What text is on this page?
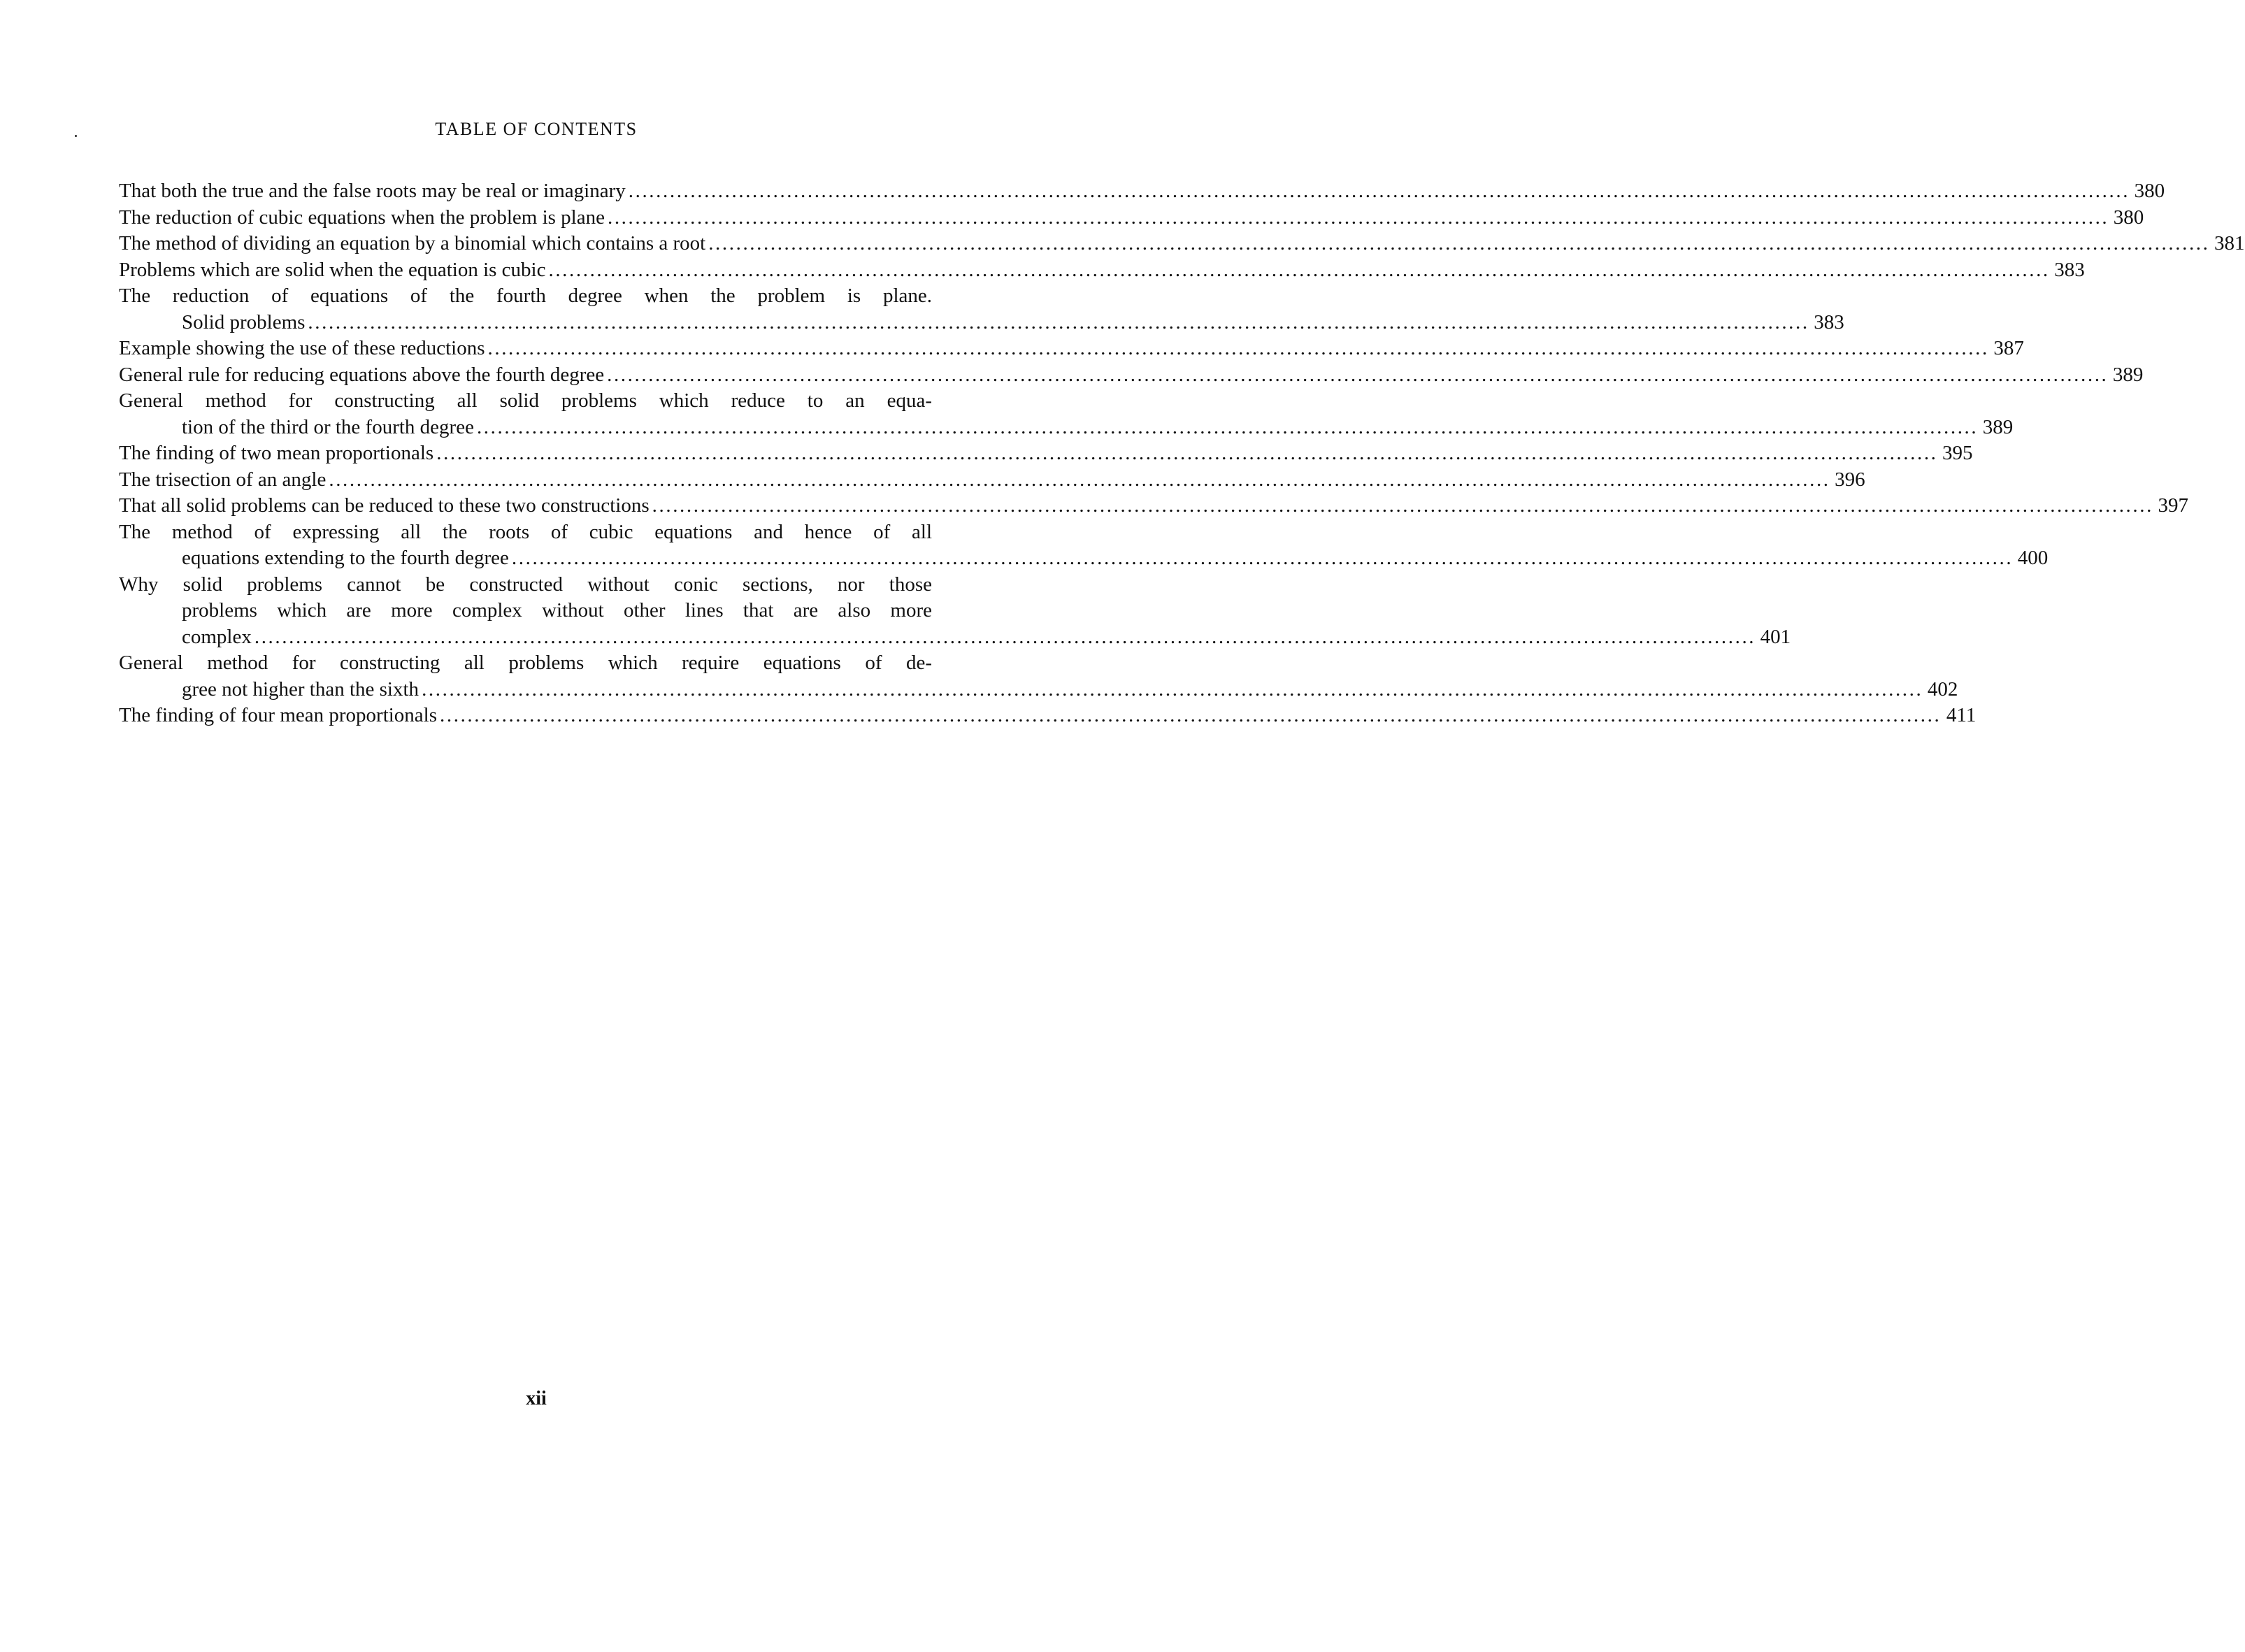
TABLE OF CONTENTS
That both the true and the false roots may be real or imaginary .....	380
The reduction of cubic equations when the problem is plane .....	380
The method of dividing an equation by a binomial which contains a root .....	381
Problems which are solid when the equation is cubic .....	383
The reduction of equations of the fourth degree when the problem is plane.
Solid problems .....	383
Example showing the use of these reductions .....	387
General rule for reducing equations above the fourth degree .....	389
General method for constructing all solid problems which reduce to an equa-
tion of the third or the fourth degree .....	389
The finding of two mean proportionals .....	395
The trisection of an angle .....	396
That all solid problems can be reduced to these two constructions .....	397
The method of expressing all the roots of cubic equations and hence of all
equations extending to the fourth degree .....	400
Why solid problems cannot be constructed without conic sections, nor those
problems which are more complex without other lines that are also more
complex .....	401
General method for constructing all problems which require equations of de-
gree not higher than the sixth .....	402
The finding of four mean proportionals .....	411
xii
